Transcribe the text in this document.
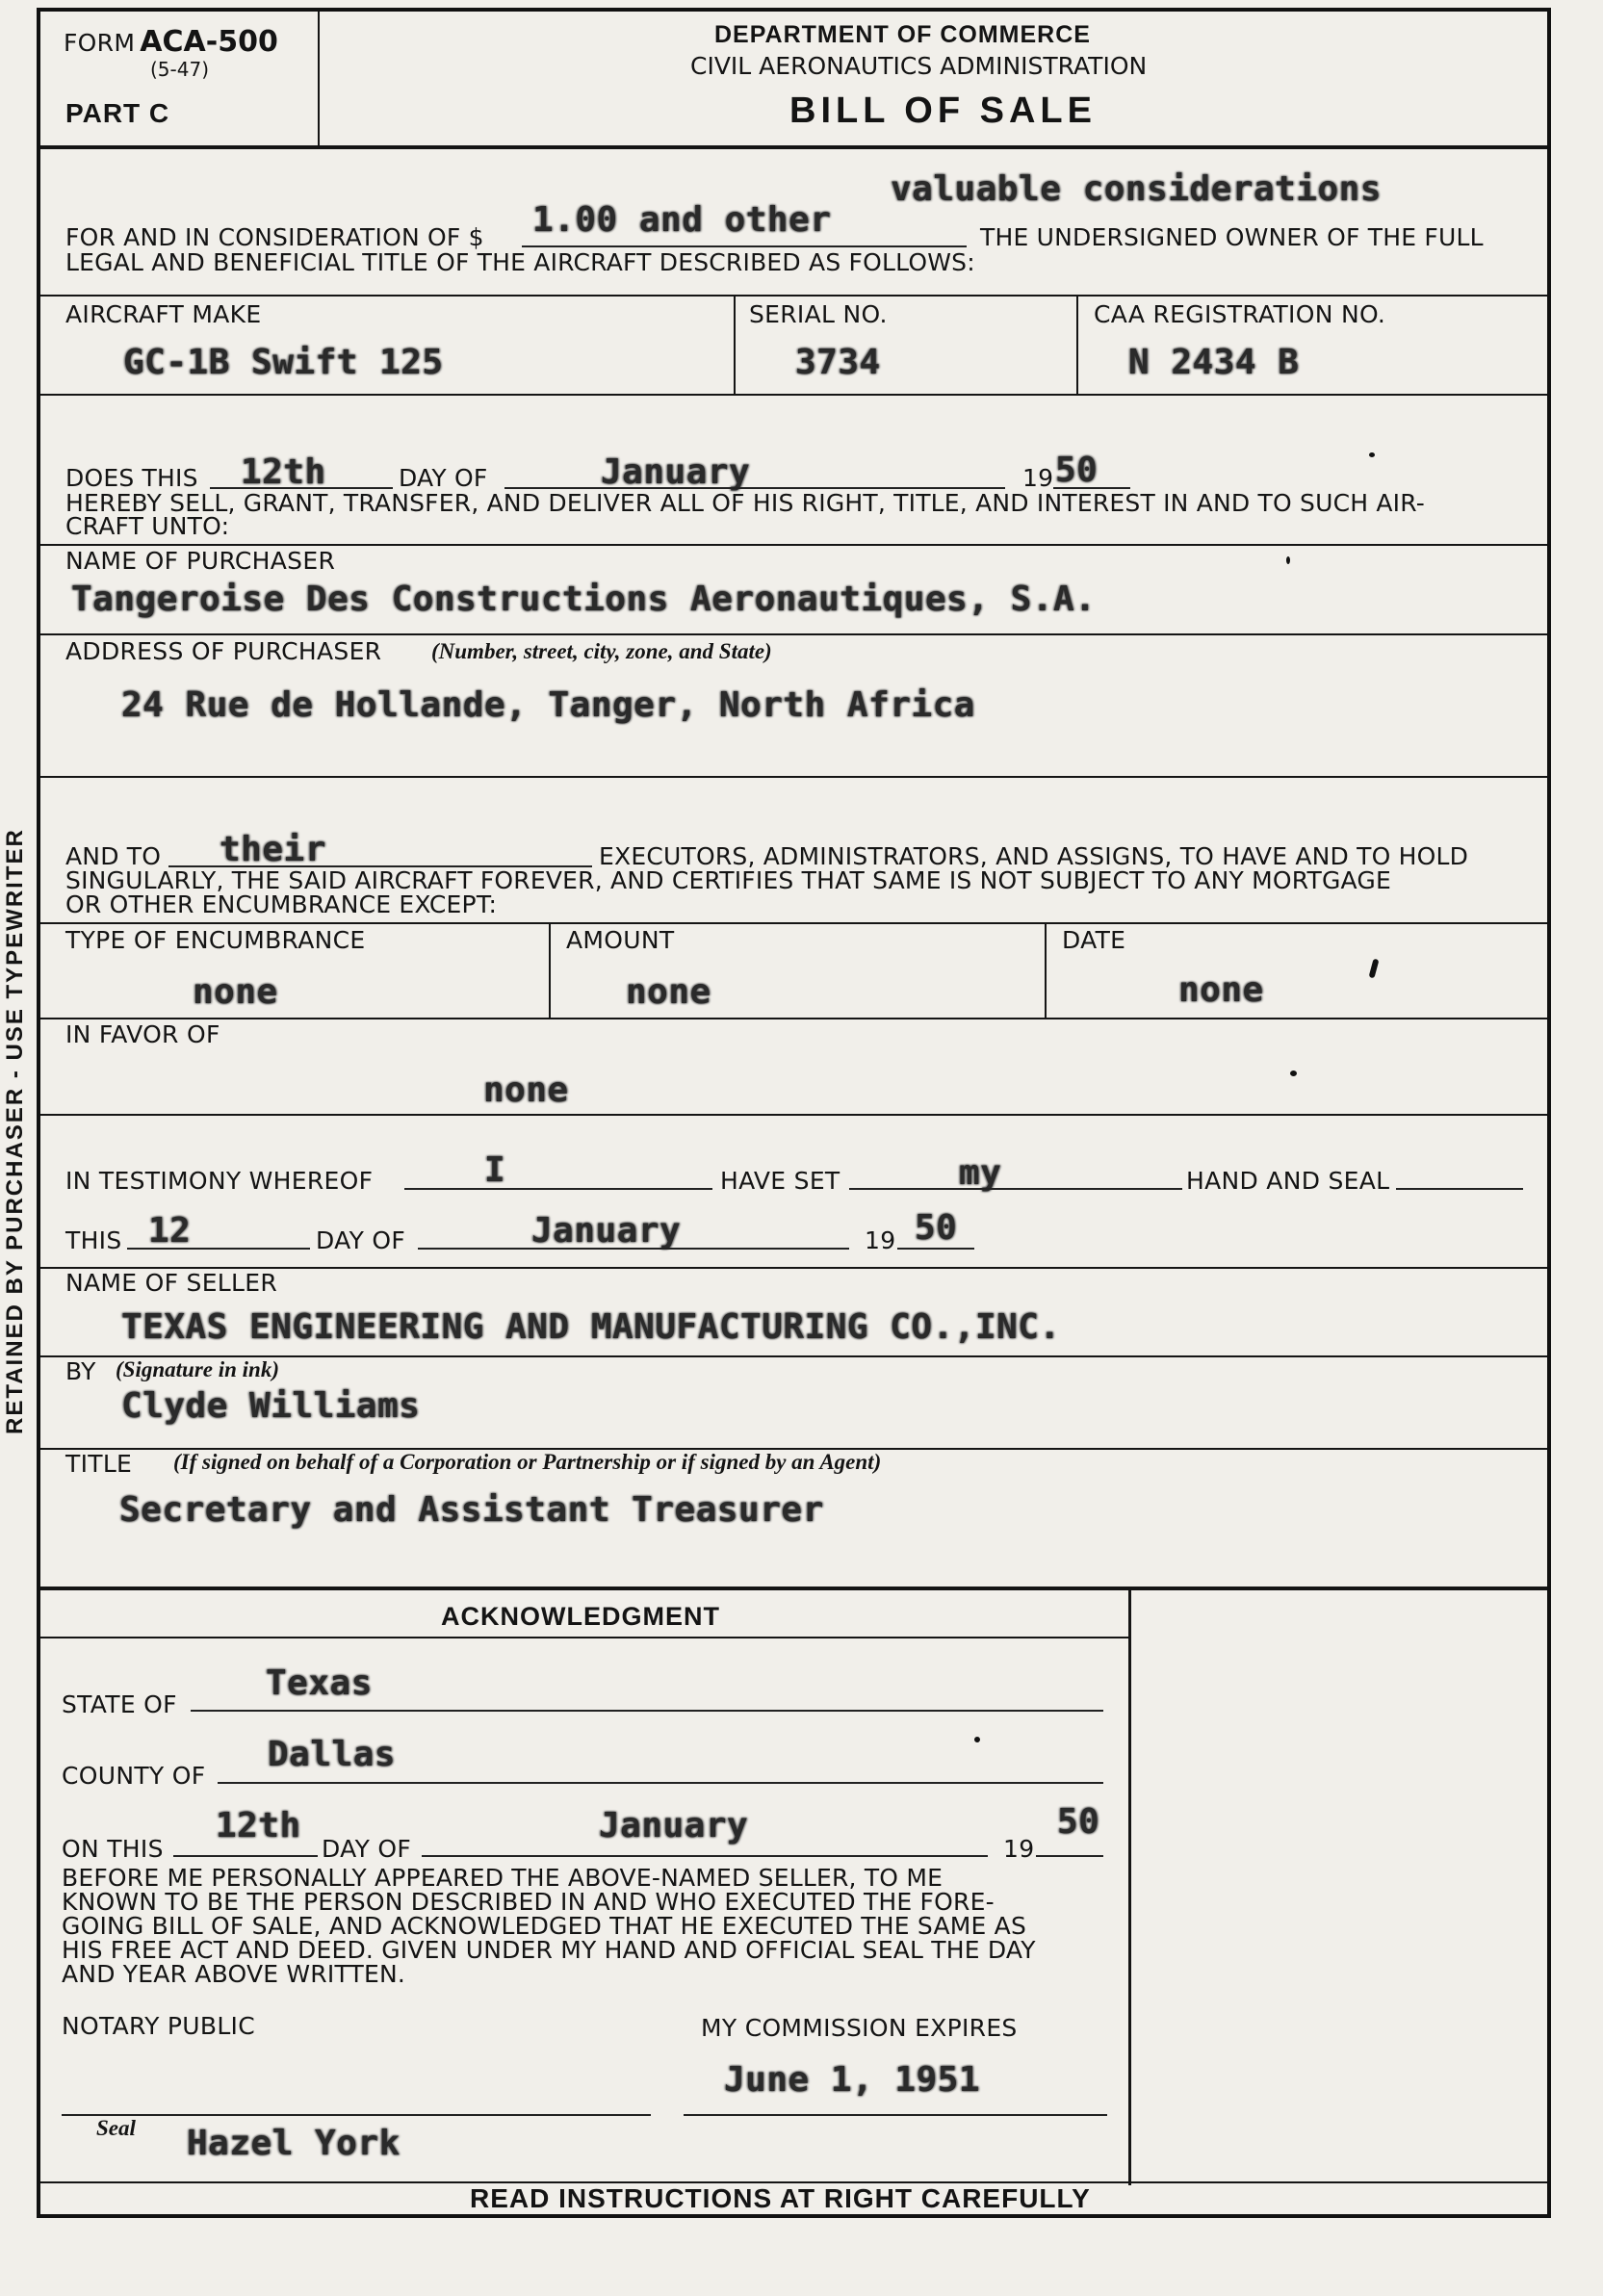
RETAINED BY PURCHASER - USE TYPEWRITER
FORM ACA-500
(5-47)
PART C
DEPARTMENT OF COMMERCE
CIVIL AERONAUTICS ADMINISTRATION
BILL OF SALE
valuable considerations
1.00 and other
FOR AND IN CONSIDERATION OF $	THE UNDERSIGNED OWNER OF THE FULL
LEGAL AND BENEFICIAL TITLE OF THE AIRCRAFT DESCRIBED AS FOLLOWS:
AIRCRAFT MAKE
GC-1B Swift 125
SERIAL NO.
3734
CAA REGISTRATION NO.
N 2434 B
12th	January	50
DOES THIS	DAY OF	19
HEREBY SELL, GRANT, TRANSFER, AND DELIVER ALL OF HIS RIGHT, TITLE, AND INTEREST IN AND TO SUCH AIR-
CRAFT UNTO:
NAME OF PURCHASER
Tangeroise Des Constructions Aeronautiques, S.A.
ADDRESS OF PURCHASER (Number, street, city, zone, and State)
24 Rue de Hollande, Tanger, North Africa
their
AND TO	EXECUTORS, ADMINISTRATORS, AND ASSIGNS, TO HAVE AND TO HOLD
SINGULARLY, THE SAID AIRCRAFT FOREVER, AND CERTIFIES THAT SAME IS NOT SUBJECT TO ANY MORTGAGE
OR OTHER ENCUMBRANCE EXCEPT:
TYPE OF ENCUMBRANCE
none
AMOUNT
none
DATE
none
IN FAVOR OF
none
I	my
IN TESTIMONY WHEREOF	HAVE SET	HAND AND SEAL
12	January	50
THIS	DAY OF	19
NAME OF SELLER
TEXAS ENGINEERING AND MANUFACTURING CO.,INC.
BY (Signature in ink)
Clyde Williams
TITLE (If signed on behalf of a Corporation or Partnership or if signed by an Agent)
Secretary and Assistant Treasurer
ACKNOWLEDGMENT
Texas
STATE OF
Dallas
COUNTY OF
12th	January	50
ON THIS	DAY OF	19
BEFORE ME PERSONALLY APPEARED THE ABOVE-NAMED SELLER, TO ME
KNOWN TO BE THE PERSON DESCRIBED IN AND WHO EXECUTED THE FORE-
GOING BILL OF SALE, AND ACKNOWLEDGED THAT HE EXECUTED THE SAME AS
HIS FREE ACT AND DEED. GIVEN UNDER MY HAND AND OFFICIAL SEAL THE DAY
AND YEAR ABOVE WRITTEN.
NOTARY PUBLIC	MY COMMISSION EXPIRES
June 1, 1951
Seal Hazel York
READ INSTRUCTIONS AT RIGHT CAREFULLY
